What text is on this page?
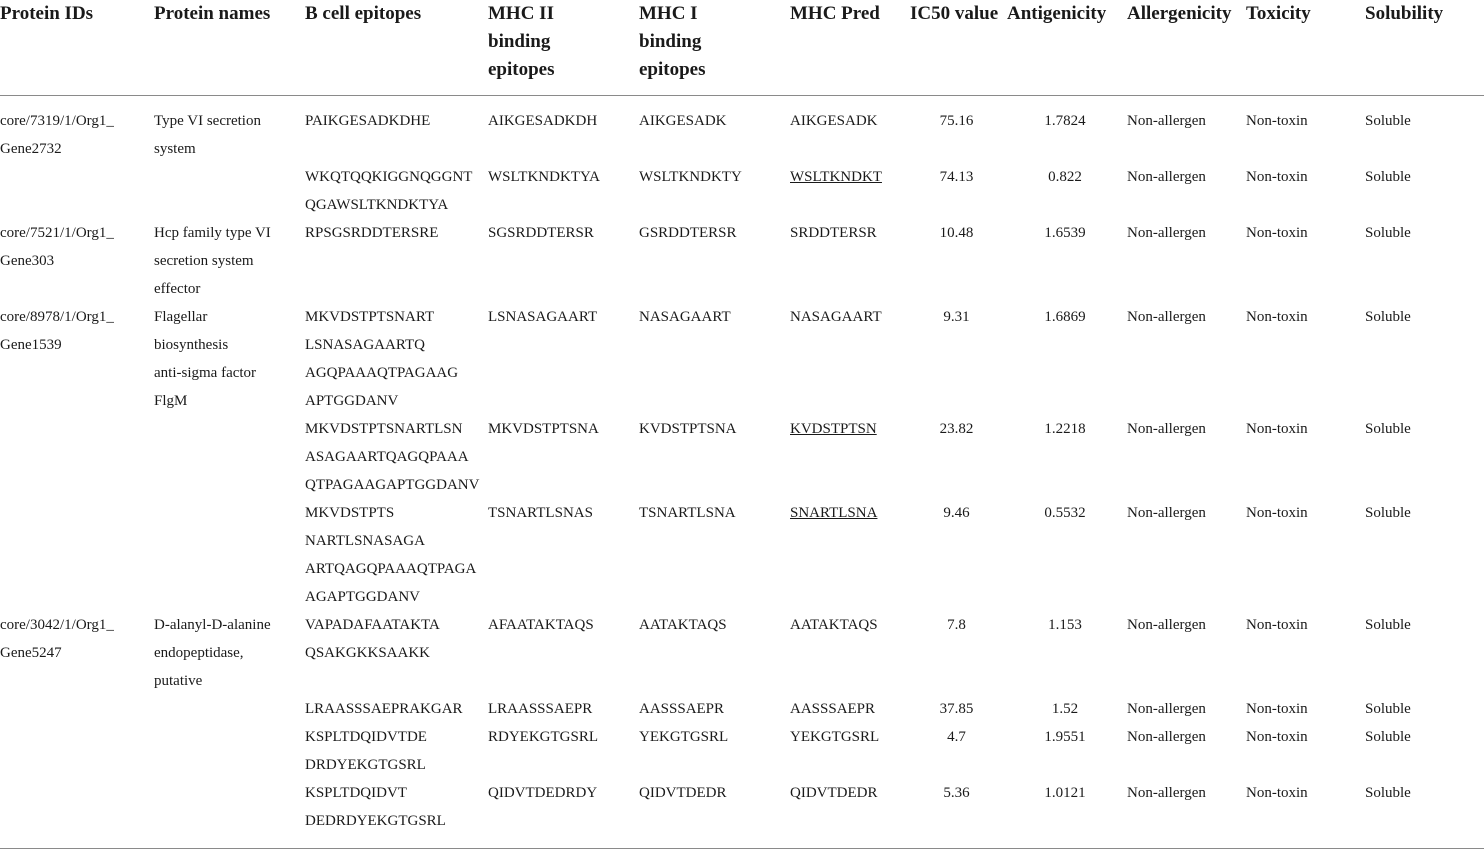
Protein IDs	Protein names	B cell epitopes	MHC II
binding
epitopes	MHC I
binding
epitopes	MHC Pred	IC50 value	Antigenicity	Allergenicity	Toxicity	Solubility

core/7319/1/Org1_
Gene2732	Type VI secretion
system	PAIKGESADKDHE	AIKGESADKDH	AIKGESADK	AIKGESADK	75.16	1.7824	Non-allergen	Non-toxin	Soluble

		WKQTQQKIGGNQGGNT
QGAWSLTKNDKTYA	WSLTKNDKTYA	WSLTKNDKTY	WSLTKNDKT	74.13	0.822	Non-allergen	Non-toxin	Soluble

core/7521/1/Org1_
Gene303	Hcp family type VI
secretion system
effector	RPSGSRDDTERSRE	SGSRDDTERSR	GSRDDTERSR	SRDDTERSR	10.48	1.6539	Non-allergen	Non-toxin	Soluble

core/8978/1/Org1_
Gene1539	Flagellar
biosynthesis
anti-sigma factor
FlgM	MKVDSTPTSNART
LSNASAGAARTQ
AGQPAAAQTPAGAAG
APTGGDANV	LSNASAGAART	NASAGAART	NASAGAART	9.31	1.6869	Non-allergen	Non-toxin	Soluble

		MKVDSTPTSNARTLSN
ASAGAARTQAGQPAAA
QTPAGAAGAPTGGDANV	MKVDSTPTSNA	KVDSTPTSNA	KVDSTPTSN	23.82	1.2218	Non-allergen	Non-toxin	Soluble

		MKVDSTPTS
NARTLSNASAGA
ARTQAGQPAAAQTPAGA
AGAPTGGDANV	TSNARTLSNAS	TSNARTLSNA	SNARTLSNA	9.46	0.5532	Non-allergen	Non-toxin	Soluble

core/3042/1/Org1_
Gene5247	D-alanyl-D-alanine
endopeptidase,
putative	VAPADAFAATAKTA
QSAKGKKSAAKK	AFAATAKTAQS	AATAKTAQS	AATAKTAQS	7.8	1.153	Non-allergen	Non-toxin	Soluble

		LRAASSSAEPRAKGAR	LRAASSSAEPR	AASSSAEPR	AASSSAEPR	37.85	1.52	Non-allergen	Non-toxin	Soluble

		KSPLTDQIDVTDE
DRDYEKGTGSRL	RDYEKGTGSRL	YEKGTGSRL	YEKGTGSRL	4.7	1.9551	Non-allergen	Non-toxin	Soluble

		KSPLTDQIDVT
DEDRDYEKGTGSRL	QIDVTDEDRDY	QIDVTDEDR	QIDVTDEDR	5.36	1.0121	Non-allergen	Non-toxin	Soluble
